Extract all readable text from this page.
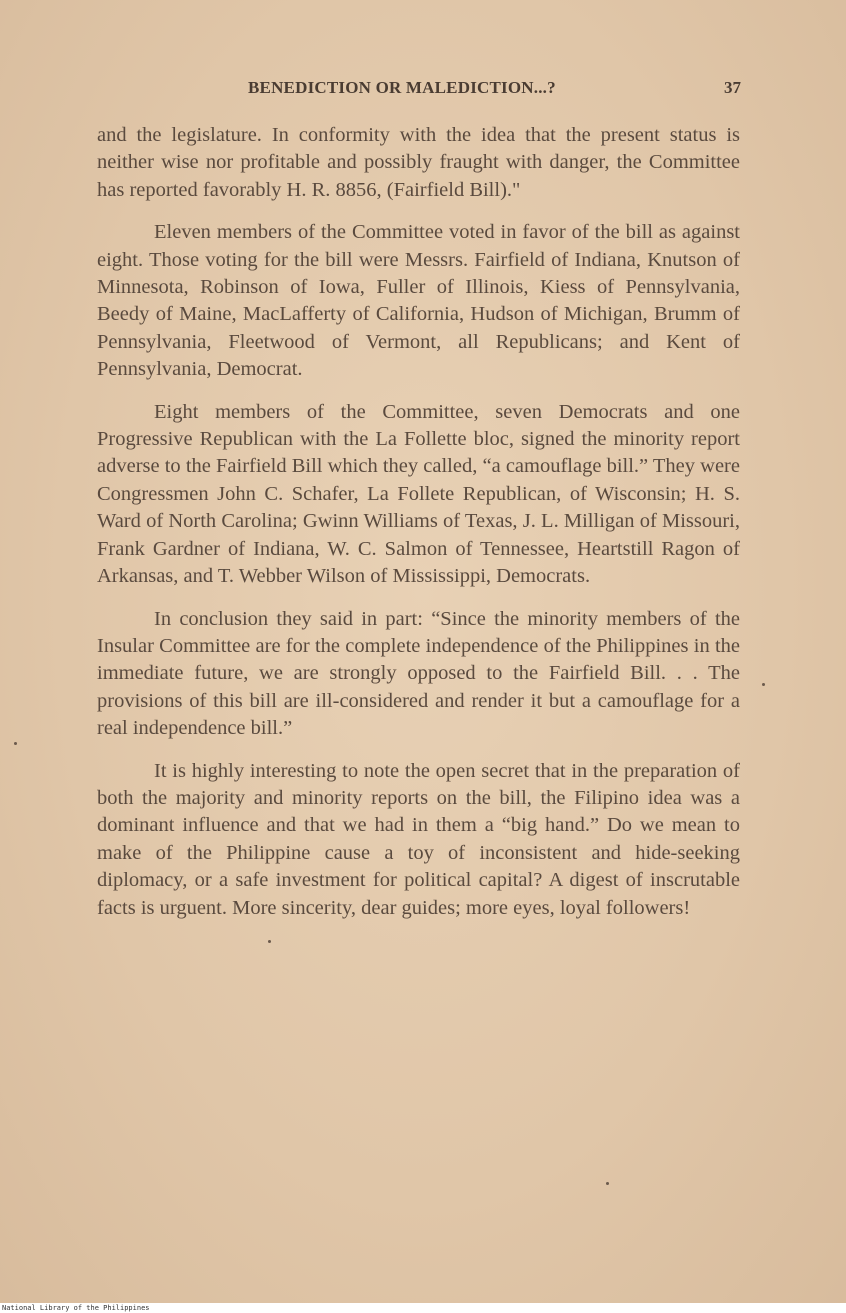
BENEDICTION OR MALEDICTION...?	37

and the legislature. In conformity with the idea that the present status is neither wise nor profitable and possibly fraught with danger, the Committee has reported favorably H. R. 8856, (Fairfield Bill)."

Eleven members of the Committee voted in favor of the bill as against eight. Those voting for the bill were Messrs. Fairfield of Indiana, Knutson of Minnesota, Robinson of Iowa, Fuller of Illinois, Kiess of Pennsylvania, Beedy of Maine, MacLafferty of California, Hudson of Michigan, Brumm of Pennsylvania, Fleetwood of Vermont, all Republicans; and Kent of Pennsylvania, Democrat.

Eight members of the Committee, seven Democrats and one Progressive Republican with the La Follette bloc, signed the minority report adverse to the Fairfield Bill which they called, “a camouflage bill.” They were Congressmen John C. Schafer, La Follete Republican, of Wisconsin; H. S. Ward of North Carolina; Gwinn Williams of Texas, J. L. Milligan of Missouri, Frank Gardner of Indiana, W. C. Salmon of Tennessee, Heartstill Ragon of Arkansas, and T. Webber Wilson of Mississippi, Democrats.

In conclusion they said in part: “Since the minority members of the Insular Committee are for the complete independence of the Philippines in the immediate future, we are strongly opposed to the Fairfield Bill. . . The provisions of this bill are ill-considered and render it but a camouflage for a real independence bill.”

It is highly interesting to note the open secret that in the preparation of both the majority and minority reports on the bill, the Filipino idea was a dominant influence and that we had in them a “big hand.” Do we mean to make of the Philippine cause a toy of inconsistent and hide-seeking diplomacy, or a safe investment for political capital? A digest of inscrutable facts is urguent. More sincerity, dear guides; more eyes, loyal followers!

National Library of the Philippines
